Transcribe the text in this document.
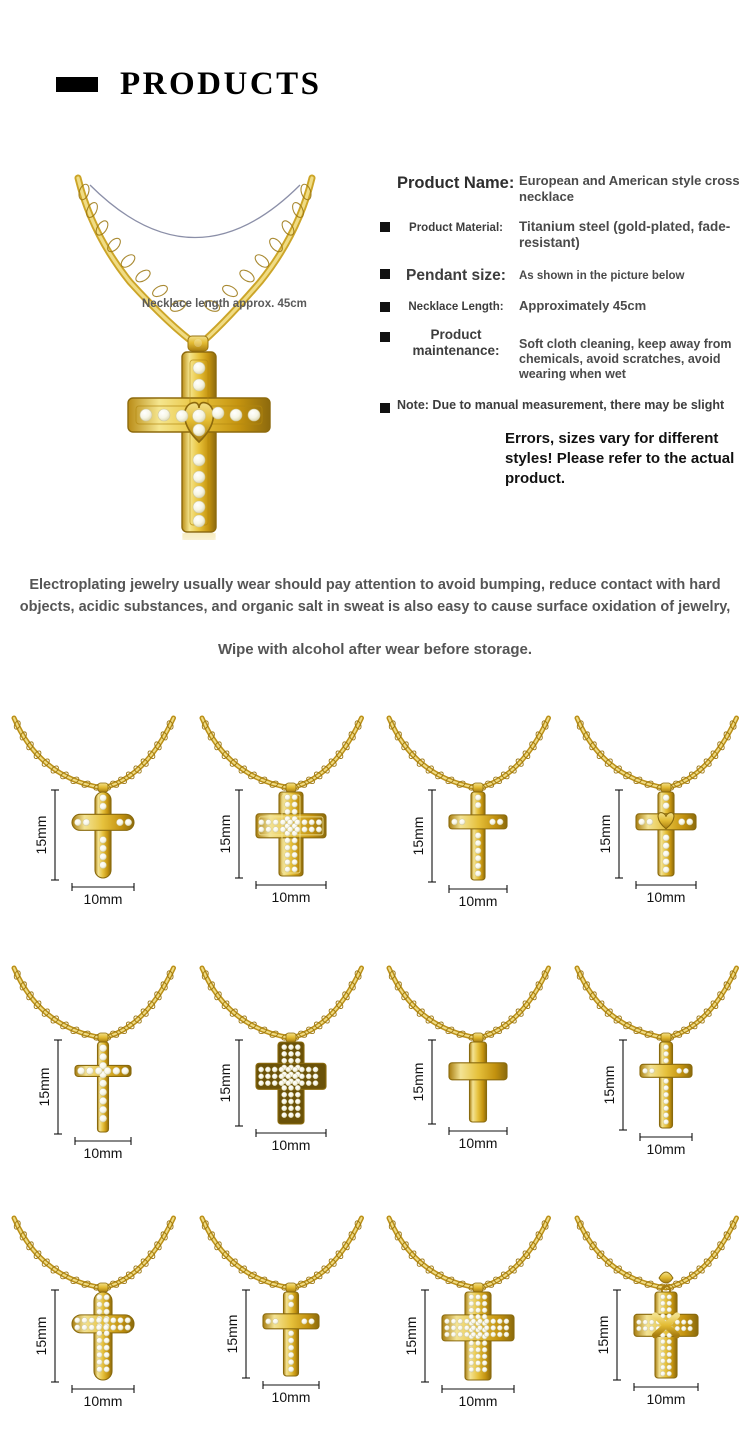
PRODUCTS
Necklace length approx. 45cm
Product Name: European and American style cross necklace
Product Material:	Titanium steel (gold-plated, fade-resistant)
Pendant size:	As shown in the picture below
Necklace Length:	Approximately 45cm
Product maintenance:	Soft cloth cleaning, keep away from chemicals, avoid scratches, avoid wearing when wet
Note: Due to manual measurement, there may be slight
Errors, sizes vary for different styles! Please refer to the actual product.
Electroplating jewelry usually wear should pay attention to avoid bumping, reduce contact with hard objects, acidic substances, and organic salt in sweat is also easy to cause surface oxidation of jewelry,
Wipe with alcohol after wear before storage.
15mm
10mm
15mm
10mm
15mm
10mm
15mm
10mm
15mm
10mm
15mm
10mm
15mm
10mm
15mm
10mm
15mm
10mm
15mm
10mm
15mm
10mm
15mm
10mm
